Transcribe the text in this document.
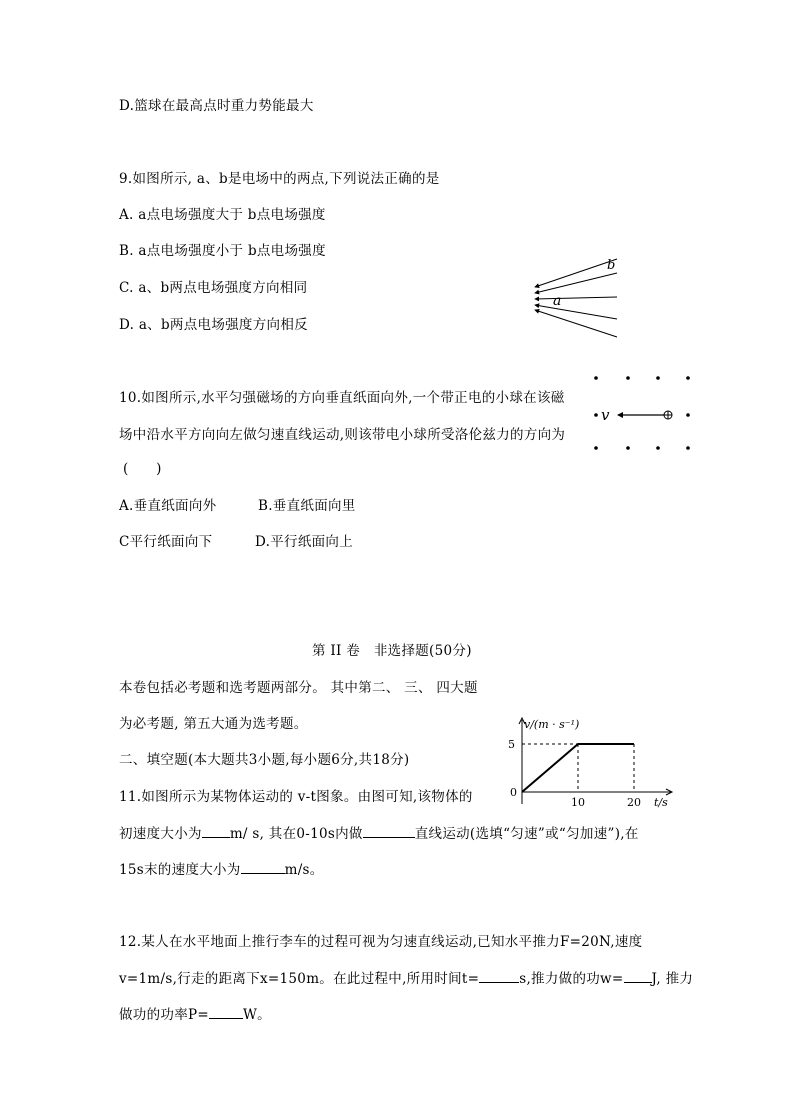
D.篮球在最高点时重力势能最大
9.如图所示, a、b是电场中的两点,下列说法正确的是
A. a点电场强度大于 b点电场强度
B. a点电场强度小于 b点电场强度
C. a、b两点电场强度方向相同
D. a、b两点电场强度方向相反
b
a
10.如图所示,水平匀强磁场的方向垂直纸面向外,一个带正电的小球在该磁
场中沿水平方向向左做匀速直线运动,则该带电小球所受洛伦兹力的方向为
(　　)
A.垂直纸面向外	B.垂直纸面向里
C平行纸面向下	D.平行纸面向上
v
第 II 卷　非选择题(50分)
本卷包括必考题和选考题两部分。 其中第二、 三、 四大题
为必考题, 第五大通为选考题。
二、填空题(本大题共3小题,每小题6分,共18分)
11.如图所示为某物体运动的 v-t图象。由图可知,该物体的
初速度大小为 m/ s, 其在0-10s内做	直线运动(选填“匀速”或“匀加速”),在
15s末的速度大小为	m/s。
0
10	20
5
v/(m · s⁻¹)
t/s
12.某人在水平地面上推行李车的过程可视为匀速直线运动,已知水平推力F=20N,速度
v=1m/s,行走的距离下x=150m。在此过程中,所用时间t=	s,推力做的功w= J, 推力
做功的功率P=	W。
